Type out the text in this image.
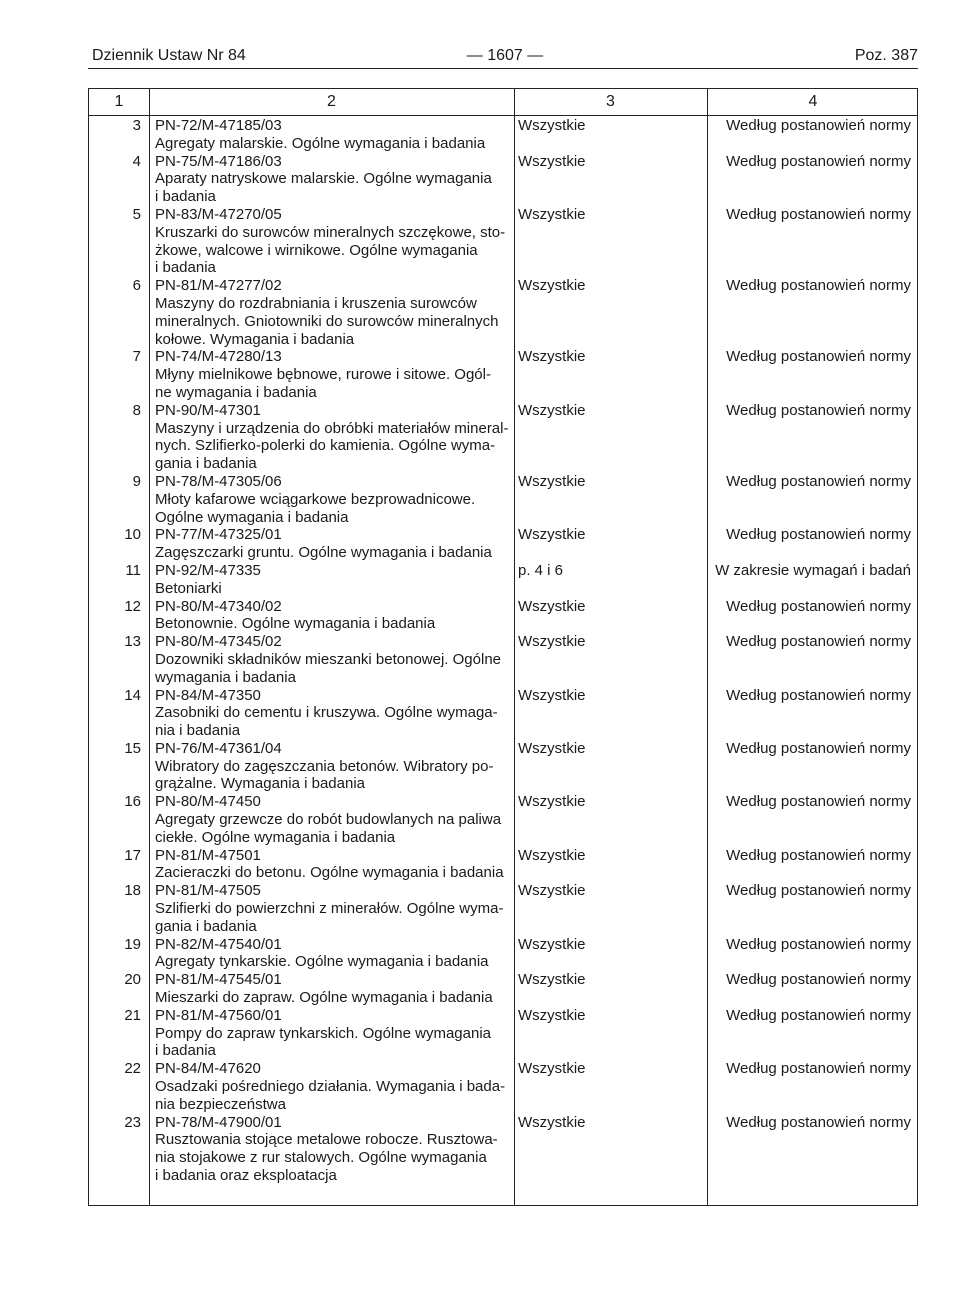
Dziennik Ustaw Nr 84	— 1607 —	Poz. 387
1	2	3	4
3 PN-72/M-47185/03
Agregaty malarskie. Ogólne wymagania i badania
Wszystkie	Według postanowień normy
4 PN-75/M-47186/03
Aparaty natryskowe malarskie. Ogólne wymagania
i badania
Wszystkie	Według postanowień normy
5 PN-83/M-47270/05
Kruszarki do surowców mineralnych szczękowe, sto-
żkowe, walcowe i wirnikowe. Ogólne wymagania
i badania
Wszystkie	Według postanowień normy
6 PN-81/M-47277/02
Maszyny do rozdrabniania i kruszenia surowców
mineralnych. Gniotowniki do surowców mineralnych
kołowe. Wymagania i badania
Wszystkie	Według postanowień normy
7 PN-74/M-47280/13
Młyny mielnikowe bębnowe, rurowe i sitowe. Ogól-
ne wymagania i badania
Wszystkie	Według postanowień normy
8 PN-90/M-47301
Maszyny i urządzenia do obróbki materiałów mineral-
nych. Szlifierko-polerki do kamienia. Ogólne wyma-
gania i badania
Wszystkie	Według postanowień normy
9 PN-78/M-47305/06
Młoty kafarowe wciągarkowe bezprowadnicowe.
Ogólne wymagania i badania
Wszystkie	Według postanowień normy
10 PN-77/M-47325/01
Zagęszczarki gruntu. Ogólne wymagania i badania
Wszystkie	Według postanowień normy
11 PN-92/M-47335
Betoniarki
p. 4 i 6	W zakresie wymagań i badań
12 PN-80/M-47340/02
Betonownie. Ogólne wymagania i badania
Wszystkie	Według postanowień normy
13 PN-80/M-47345/02
Dozowniki składników mieszanki betonowej. Ogólne
wymagania i badania
Wszystkie	Według postanowień normy
14 PN-84/M-47350
Zasobniki do cementu i kruszywa. Ogólne wymaga-
nia i badania
Wszystkie	Według postanowień normy
15 PN-76/M-47361/04
Wibratory do zagęszczania betonów. Wibratory po-
grążalne. Wymagania i badania
Wszystkie	Według postanowień normy
16 PN-80/M-47450
Agregaty grzewcze do robót budowlanych na paliwa
ciekłe. Ogólne wymagania i badania
Wszystkie	Według postanowień normy
17 PN-81/M-47501
Zacieraczki do betonu. Ogólne wymagania i badania
Wszystkie	Według postanowień normy
18 PN-81/M-47505
Szlifierki do powierzchni z minerałów. Ogólne wyma-
gania i badania
Wszystkie	Według postanowień normy
19 PN-82/M-47540/01
Agregaty tynkarskie. Ogólne wymagania i badania
Wszystkie	Według postanowień normy
20 PN-81/M-47545/01
Mieszarki do zapraw. Ogólne wymagania i badania
Wszystkie	Według postanowień normy
21 PN-81/M-47560/01
Pompy do zapraw tynkarskich. Ogólne wymagania
i badania
Wszystkie	Według postanowień normy
22 PN-84/M-47620
Osadzaki pośredniego działania. Wymagania i bada-
nia bezpieczeństwa
Wszystkie	Według postanowień normy
23 PN-78/M-47900/01
Rusztowania stojące metalowe robocze. Rusztowa-
nia stojakowe z rur stalowych. Ogólne wymagania
i badania oraz eksploatacja
Wszystkie	Według postanowień normy
